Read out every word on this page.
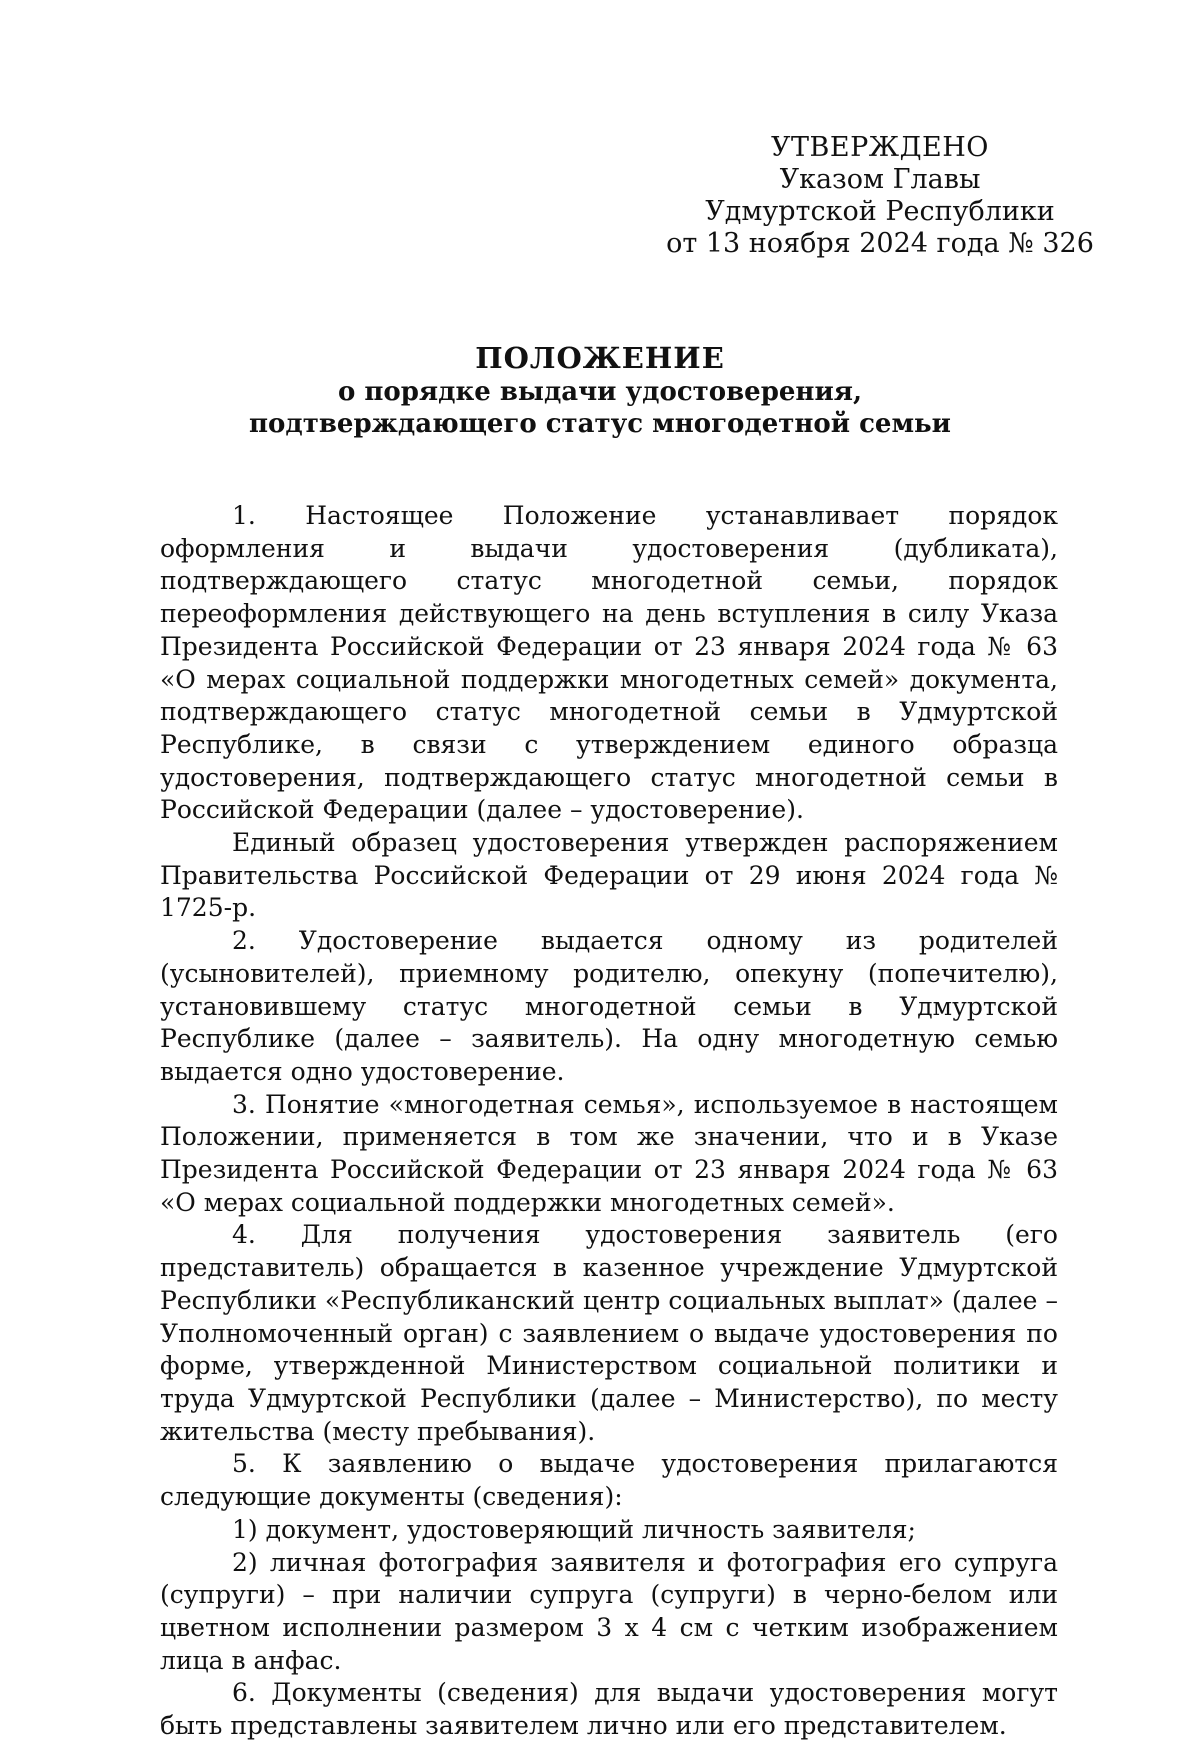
УТВЕРЖДЕНО
Указом Главы
Удмуртской Республики
от 13 ноября 2024 года № 326
ПОЛОЖЕНИЕ
о порядке выдачи удостоверения,
подтверждающего статус многодетной семьи

1. Настоящее Положение устанавливает порядок оформления и выдачи удостоверения (дубликата), подтверждающего статус многодетной семьи, порядок переоформления действующего на день вступления в силу Указа Президента Российской Федерации от 23 января 2024 года № 63 «О мерах социальной поддержки многодетных семей» документа, подтверждающего статус многодетной семьи в Удмуртской Республике, в связи с утверждением единого образца удостоверения, подтверждающего статус многодетной семьи в Российской Федерации (далее – удостоверение).

Единый образец удостоверения утвержден распоряжением Правительства Российской Федерации от 29 июня 2024 года № 1725-р.

2. Удостоверение выдается одному из родителей (усыновителей), приемному родителю, опекуну (попечителю), установившему статус многодетной семьи в Удмуртской Республике (далее – заявитель). На одну многодетную семью выдается одно удостоверение.

3. Понятие «многодетная семья», используемое в настоящем Положении, применяется в том же значении, что и в Указе Президента Российской Федерации от 23 января 2024 года № 63 «О мерах социальной поддержки многодетных семей».

4. Для получения удостоверения заявитель (его представитель) обращается в казенное учреждение Удмуртской Республики «Республиканский центр социальных выплат» (далее – Уполномоченный орган) с заявлением о выдаче удостоверения по форме, утвержденной Министерством социальной политики и труда Удмуртской Республики (далее – Министерство), по месту жительства (месту пребывания).

5. К заявлению о выдаче удостоверения прилагаются следующие документы (сведения):

1) документ, удостоверяющий личность заявителя;

2) личная фотография заявителя и фотография его супруга (супруги) – при наличии супруга (супруги) в черно-белом или цветном исполнении размером 3 х 4 см с четким изображением лица в анфас.

6. Документы (сведения) для выдачи удостоверения могут быть представлены заявителем лично или его представителем.
